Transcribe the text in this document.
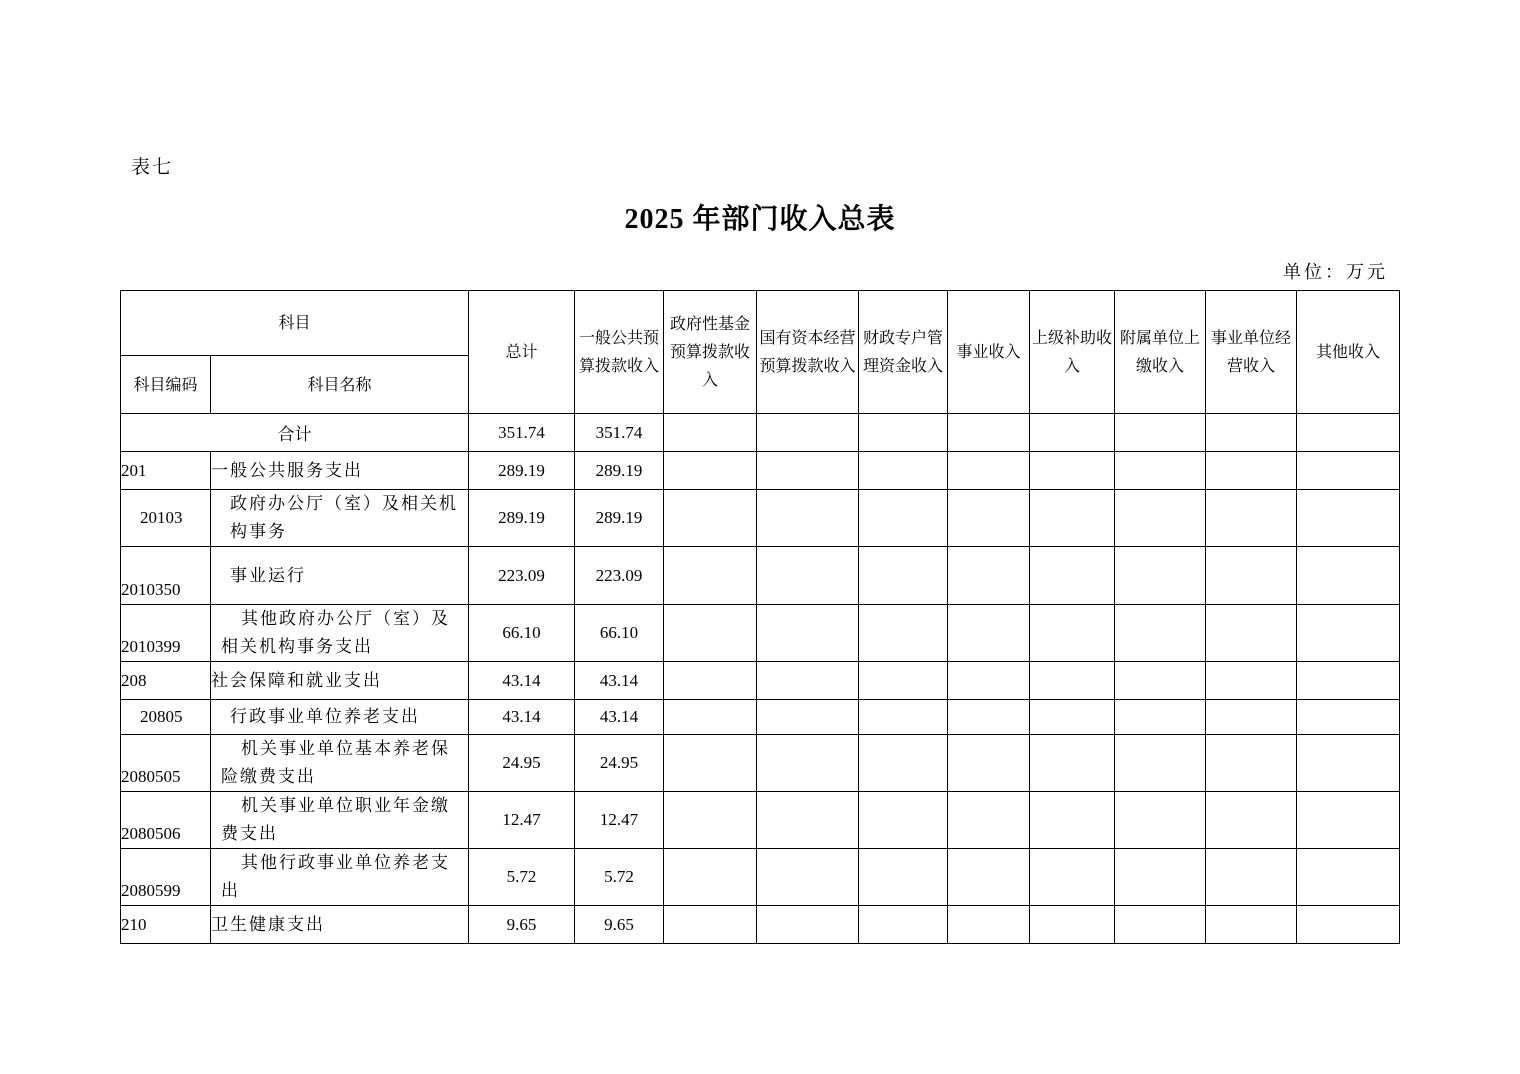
表七
2025 年部门收入总表
单位：万元
科目		总计	一般公共预算拨款收入	政府性基金预算拨款收入	国有资本经营预算拨款收入	财政专户管理资金收入	事业收入	上级补助收入	附属单位上缴收入	事业单位经营收入	其他收入
科目编码	科目名称										
合计		351.74	351.74								
201	一般公共服务支出	289.19	289.19								
20103	政府办公厅（室）及相关机构事务	289.19	289.19								
2010350	事业运行	223.09	223.09								
2010399	其他政府办公厅（室）及相关机构事务支出	66.10	66.10								
208	社会保障和就业支出	43.14	43.14								
20805	行政事业单位养老支出	43.14	43.14								
2080505	机关事业单位基本养老保险缴费支出	24.95	24.95								
2080506	机关事业单位职业年金缴费支出	12.47	12.47								
2080599	其他行政事业单位养老支出	5.72	5.72								
210	卫生健康支出	9.65	9.65								
